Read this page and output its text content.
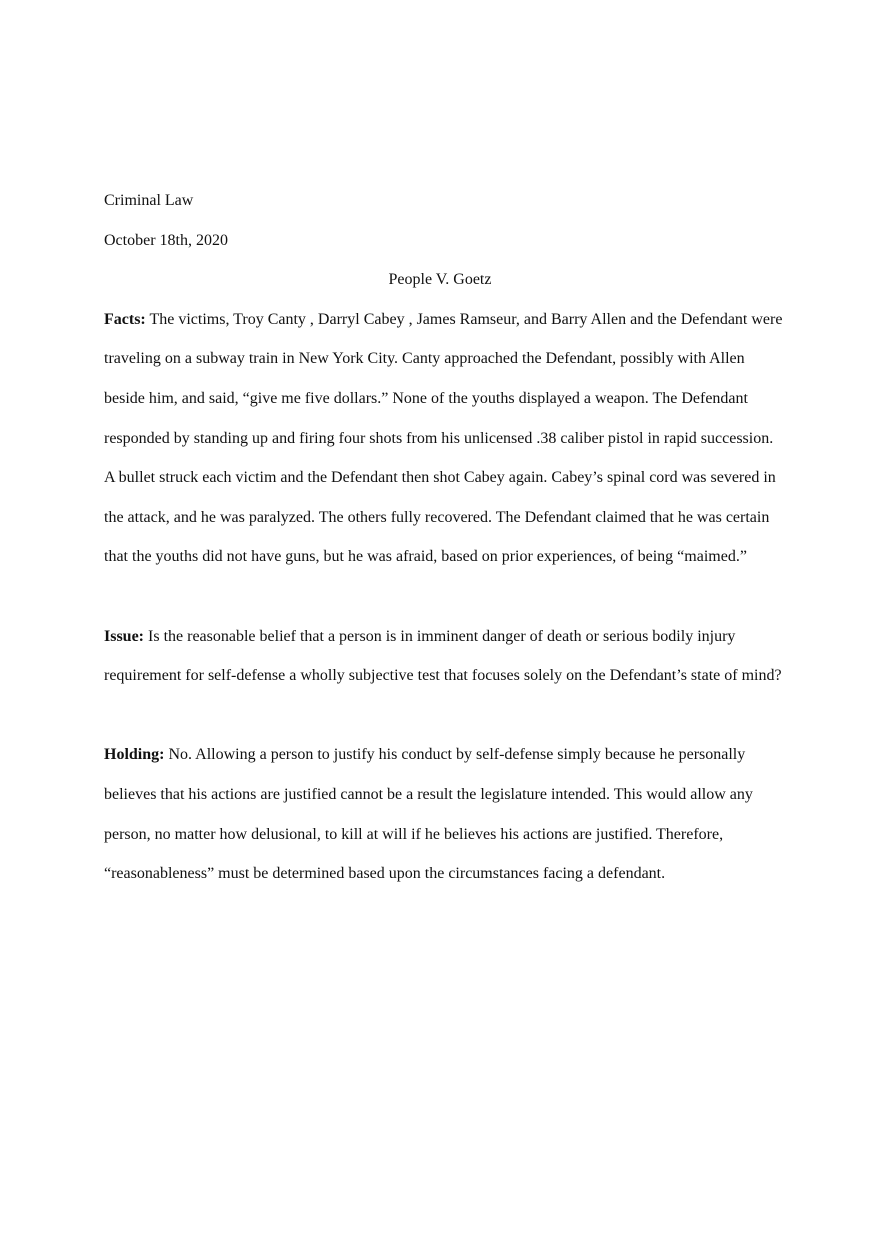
Criminal Law

October 18th, 2020

People V. Goetz

Facts: The victims, Troy Canty , Darryl Cabey , James Ramseur, and Barry Allen and the Defendant were traveling on a subway train in New York City. Canty approached the Defendant, possibly with Allen beside him, and said, “give me five dollars.” None of the youths displayed a weapon. The Defendant responded by standing up and firing four shots from his unlicensed .38 caliber pistol in rapid succession. A bullet struck each victim and the Defendant then shot Cabey again. Cabey’s spinal cord was severed in the attack, and he was paralyzed. The others fully recovered. The Defendant claimed that he was certain that the youths did not have guns, but he was afraid, based on prior experiences, of being “maimed.”

Issue: Is the reasonable belief that a person is in imminent danger of death or serious bodily injury requirement for self-defense a wholly subjective test that focuses solely on the Defendant’s state of mind?

Holding: No. Allowing a person to justify his conduct by self-defense simply because he personally believes that his actions are justified cannot be a result the legislature intended. This would allow any person, no matter how delusional, to kill at will if he believes his actions are justified. Therefore, “reasonableness” must be determined based upon the circumstances facing a defendant.
